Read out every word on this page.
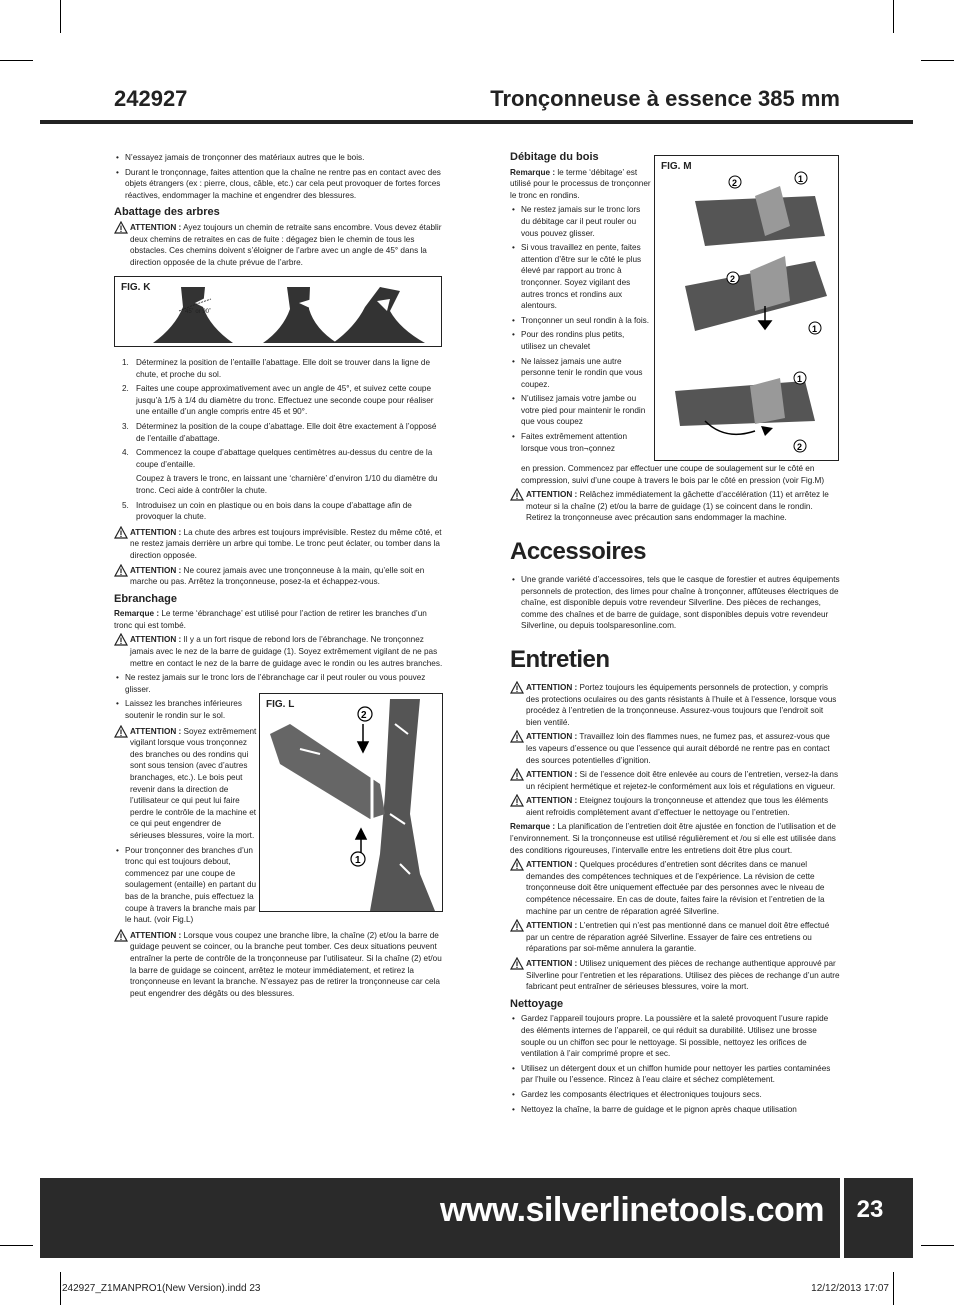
242927	Tronçonneuse à essence 385 mm
• N’essayez jamais de tronçonner des matériaux autres que le bois.
• Durant le tronçonnage, faites attention que la chaîne ne rentre pas en contact avec des objets étrangers (ex : pierre, clous, câble, etc.) car cela peut provoquer de fortes forces réactives, endommager la machine et engendrer des blessures.
Abattage des arbres

ATTENTION : Ayez toujours un chemin de retraite sans encombre. Vous devez établir deux chemins de retraites en cas de fuite : dégagez bien le chemin de tous les obstacles. Ces chemins doivent s’éloigner de l’arbre avec un angle de 45° dans la direction opposée de la chute prévue de l’arbre.

FIG. K
45˚ or 90˚
1. Déterminez la position de l’entaille l’abattage. Elle doit se trouver dans la ligne de chute, et proche du sol.
2. Faites une coupe approximativement avec un angle de 45°, et suivez cette coupe jusqu’à 1/5 à 1/4 du diamètre du tronc. Effectuez une seconde coupe pour réaliser une entaille d’un angle compris entre 45 et 90°.
3. Déterminez la position de la coupe d’abattage. Elle doit être exactement à l’opposé de l’entaille d’abattage.
4. Commencez la coupe d’abattage quelques centimètres au-dessus du centre de la coupe d’entaille.
Coupez à travers le tronc, en laissant une ‘charnière’ d’environ 1/10 du diamètre du tronc. Ceci aide à contrôler la chute.
5. Introduisez un coin en plastique ou en bois dans la coupe d’abattage afin de provoquer la chute.

ATTENTION : La chute des arbres est toujours imprévisible. Restez du même côté, et ne restez jamais derrière un arbre qui tombe. Le tronc peut éclater, ou tomber dans la direction opposée.

ATTENTION : Ne courez jamais avec une tronçonneuse à la main, qu’elle soit en marche ou pas. Arrêtez la tronçonneuse, posez-la et échappez-vous.

Ebranchage

Remarque : Le terme ‘ébranchage’ est utilisé pour l’action de retirer les branches d’un tronc qui est tombé.

ATTENTION : Il y a un fort risque de rebond lors de l’ébranchage. Ne tronçonnez jamais avec le nez de la barre de guidage (1). Soyez extrêmement vigilant de ne pas mettre en contact le nez de la barre de guidage avec le rondin ou les autres branches.

• Ne restez jamais sur le tronc lors de l’ébranchage car il peut rouler ou vous pouvez glisser.
• Laissez les branches inférieures soutenir le rondin sur le sol.

ATTENTION : Soyez extrêmement vigilant lorsque vous tronçonnez des branches ou des rondins qui sont sous tension (avec d’autres branchages, etc.). Le bois peut revenir dans la direction de l’utilisateur ce qui peut lui faire perdre le contrôle de la machine et ce qui peut engendrer de sérieuses blessures, voire la mort.

• Pour tronçonner des branches d’un tronc qui est toujours debout, commencez par une coupe de soulagement (entaille) en partant du bas de la branche, puis effectuez la coupe à travers la branche mais par le haut. (voir Fig.L)

ATTENTION : Lorsque vous coupez une branche libre, la chaîne (2) et/ou la barre de guidage peuvent se coincer, ou la branche peut tomber. Ces deux situations peuvent entraîner la perte de contrôle de la tronçonneuse par l’utilisateur. Si la chaîne (2) et/ou la barre de guidage se coincent, arrêtez le moteur immédiatement, et retirez la tronçonneuse en levant la branche. N’essayez pas de retirer la tronçonneuse car cela peut engendrer des dégâts ou des blessures.

FIG. L
2
1
Débitage du bois

Remarque : le terme ‘débitage’ est utilisé pour le processus de tronçonner le tronc en rondins.

• Ne restez jamais sur le tronc lors du débitage car il peut rouler ou vous pouvez glisser.
• Si vous travaillez en pente, faites attention d’être sur le côté le plus élevé par rapport au tronc à tronçonner. Soyez vigilant des autres troncs et rondins aux alentours.
• Tronçonner un seul rondin à la fois.
• Pour des rondins plus petits, utilisez un chevalet
• Ne laissez jamais une autre personne tenir le rondin que vous coupez.
• N’utilisez jamais votre jambe ou votre pied pour maintenir le rondin que vous coupez
• Faites extrêmement attention lorsque vous tron¬çonnez
FIG. M
2	1
2
1
1
2

en pression. Commencez par effectuer une coupe de soulagement sur le côté en compression, suivi d’une coupe à travers le bois par le côté en pression (voir Fig.M)

ATTENTION : Relâchez immédiatement la gâchette d’accélération (11) et arrêtez le moteur si la chaîne (2) et/ou la barre de guidage (1) se coincent dans le rondin. Retirez la tronçonneuse avec précaution sans endommager la machine.

Accessoires
• Une grande variété d’accessoires, tels que le casque de forestier et autres équipements personnels de protection, des limes pour chaîne à tronçonner, affûteuses électriques de chaîne, est disponible depuis votre revendeur Silverline. Des pièces de rechanges, comme des chaînes et de barre de guidage, sont disponibles depuis votre revendeur Silverline, ou depuis toolsparesonline.com.
Entretien

ATTENTION : Portez toujours les équipements personnels de protection, y compris des protections oculaires ou des gants résistants à l’huile et à l’essence, lorsque vous procédez à l’entretien de la tronçonneuse. Assurez-vous toujours que l’endroit soit bien ventilé.

ATTENTION : Travaillez loin des flammes nues, ne fumez pas, et assurez-vous que les vapeurs d’essence ou que l’essence qui aurait débordé ne rentre pas en contact des sources potentielles d’ignition.

ATTENTION : Si de l’essence doit être enlevée au cours de l’entretien, versez-la dans un récipient hermétique et rejetez-le conformément aux lois et régulations en vigueur.

ATTENTION : Eteignez toujours la tronçonneuse et attendez que tous les éléments aient refroidis complètement avant d’effectuer le nettoyage ou l’entretien.

Remarque : La planification de l’entretien doit être ajustée en fonction de l’utilisation et de l’environnement. Si la tronçonneuse est utilisé régulièrement et /ou si elle est utilisée dans des conditions rigoureuses, l’intervalle entre les entretiens doit être plus court.

ATTENTION : Quelques procédures d’entretien sont décrites dans ce manuel demandes des compétences techniques et de l’expérience. La révision de cette tronçonneuse doit être uniquement effectuée par des personnes avec le niveau de compétence nécessaire. En cas de doute, faites faire la révision et l’entretien de la machine par un centre de réparation agréé Silverline.

ATTENTION : L’entretien qui n’est pas mentionné dans ce manuel doit être effectué par un centre de réparation agréé Silverline. Essayer de faire ces entretiens ou réparations par soi-même annulera la garantie.

ATTENTION : Utilisez uniquement des pièces de rechange authentique approuvé par Silverline pour l’entretien et les réparations. Utilisez des pièces de rechange d’un autre fabricant peut entraîner de sérieuses blessures, voire la mort.

Nettoyage
• Gardez l’appareil toujours propre. La poussière et la saleté provoquent l’usure rapide des éléments internes de l’appareil, ce qui réduit sa durabilité. Utilisez une brosse souple ou un chiffon sec pour le nettoyage. Si possible, nettoyez les orifices de ventilation à l’air comprimé propre et sec.
• Utilisez un détergent doux et un chiffon humide pour nettoyer les parties contaminées par l’huile ou l’essence. Rincez à l’eau claire et séchez complètement.
• Gardez les composants électriques et électroniques toujours secs.
• Nettoyez la chaîne, la barre de guidage et le pignon après chaque utilisation
www.silverlinetools.com	23
242927_Z1MANPRO1(New Version).indd 23	12/12/2013 17:07
